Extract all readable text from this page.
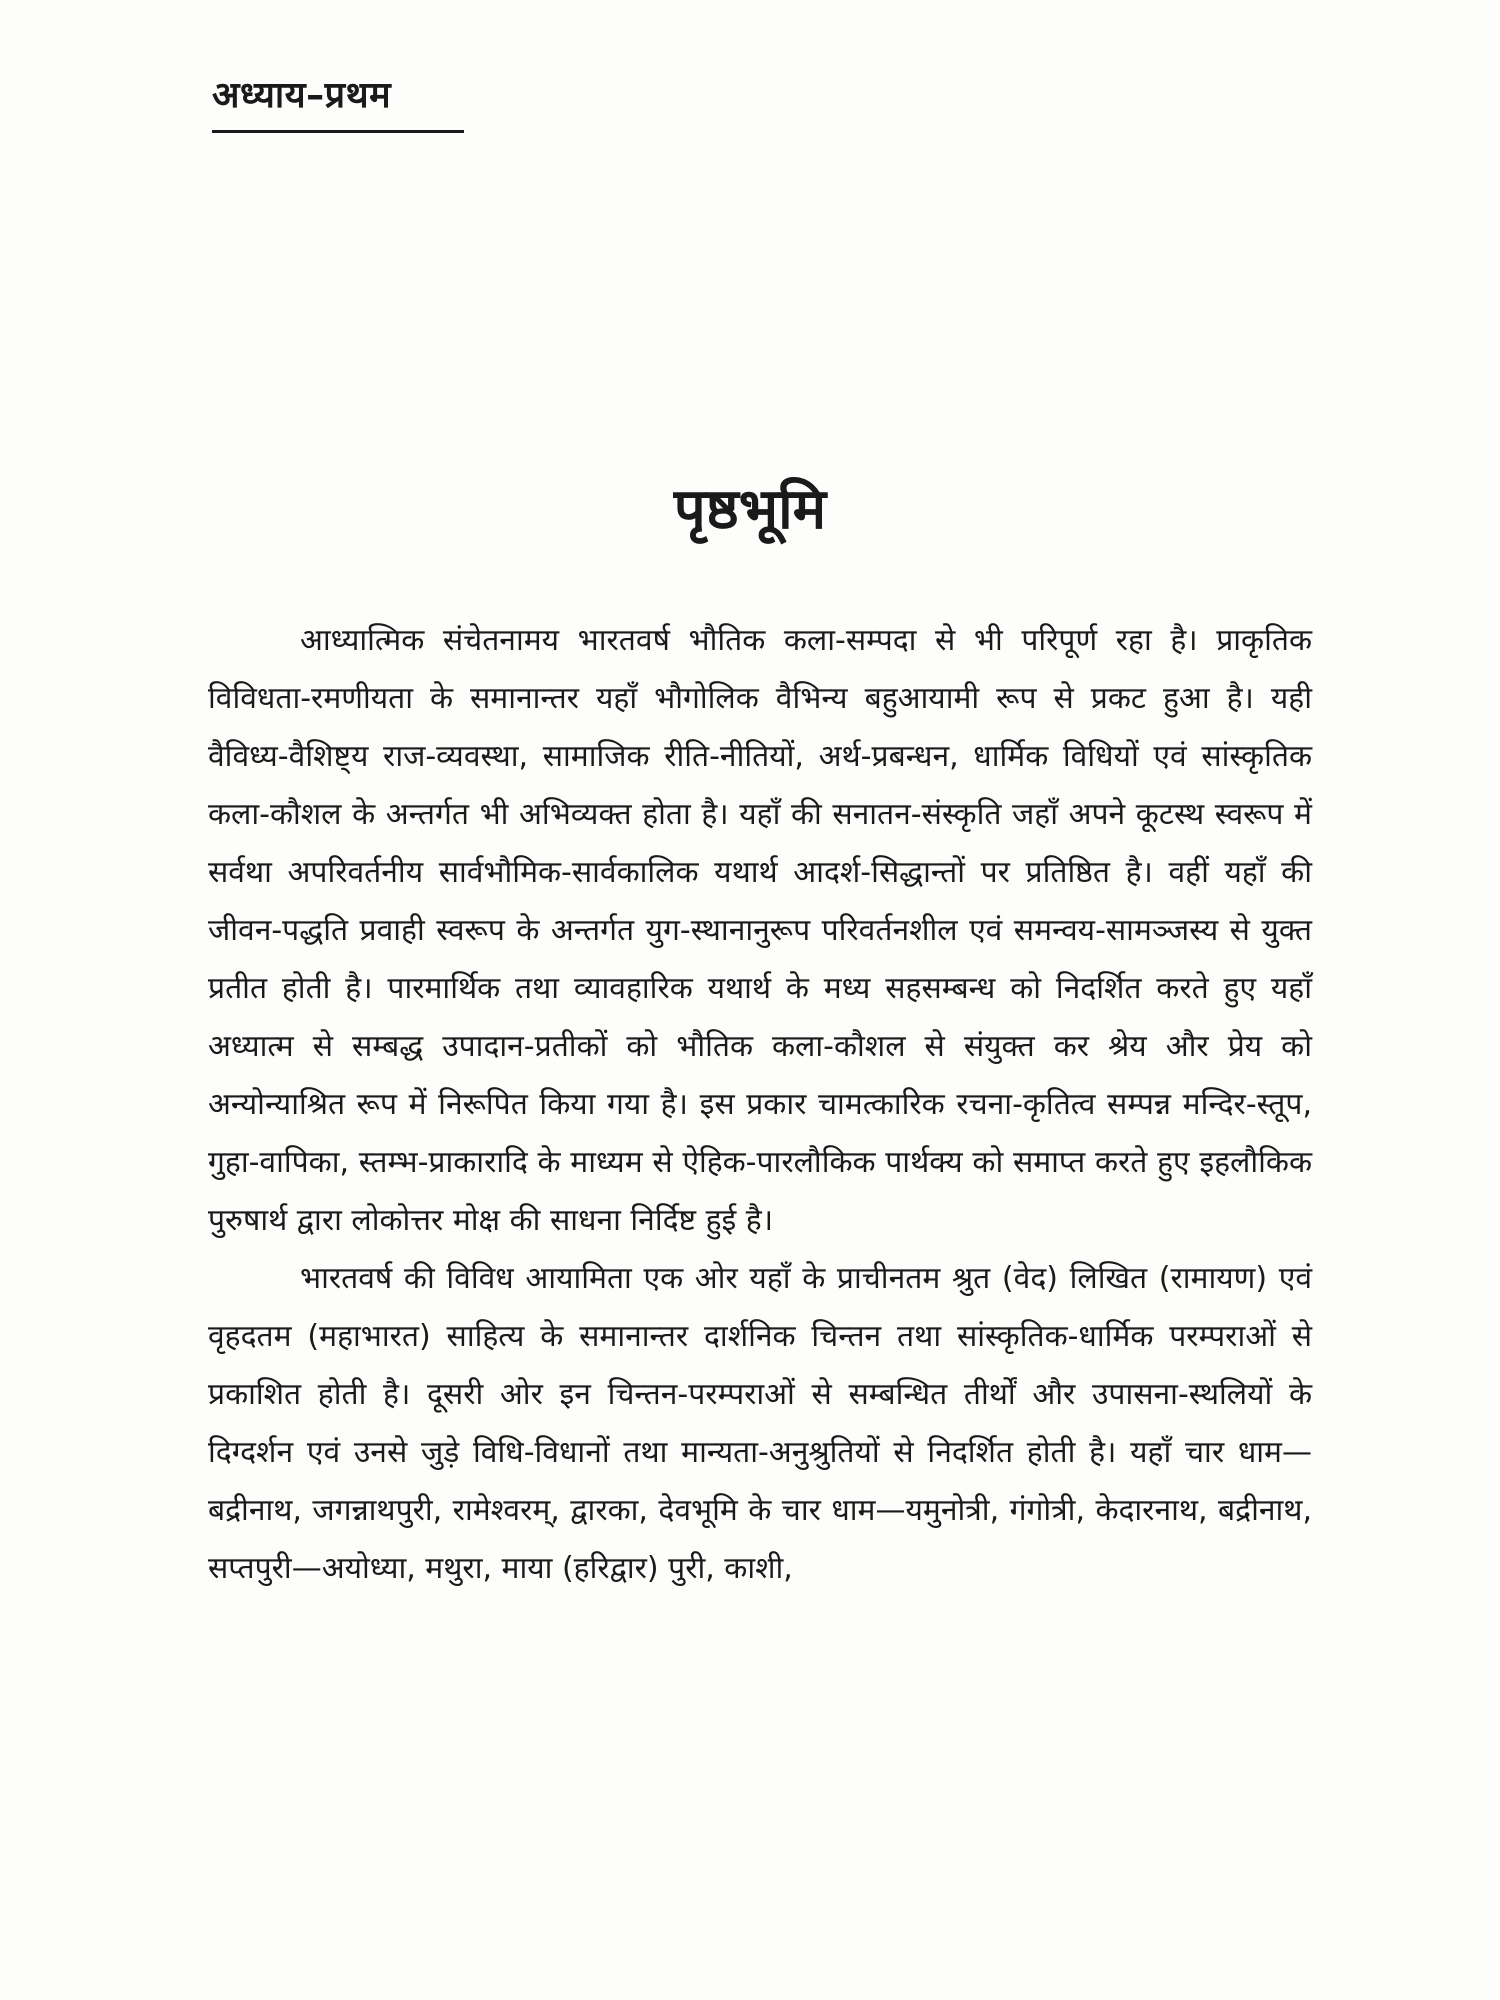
अध्याय–प्रथम
पृष्ठभूमि

आध्यात्मिक संचेतनामय भारतवर्ष भौतिक कला-सम्पदा से भी परिपूर्ण रहा है। प्राकृतिक विविधता-रमणीयता के समानान्तर यहाँ भौगोलिक वैभिन्य बहुआयामी रूप से प्रकट हुआ है। यही वैविध्य-वैशिष्ट्य राज-व्यवस्था, सामाजिक रीति-नीतियों, अर्थ-प्रबन्धन, धार्मिक विधियों एवं सांस्कृतिक कला-कौशल के अन्तर्गत भी अभिव्यक्त होता है। यहाँ की सनातन-संस्कृति जहाँ अपने कूटस्थ स्वरूप में सर्वथा अपरिवर्तनीय सार्वभौमिक-सार्वकालिक यथार्थ आदर्श-सिद्धान्तों पर प्रतिष्ठित है। वहीं यहाँ की जीवन-पद्धति प्रवाही स्वरूप के अन्तर्गत युग-स्थानानुरूप परिवर्तनशील एवं समन्वय-सामञ्जस्य से युक्त प्रतीत होती है। पारमार्थिक तथा व्यावहारिक यथार्थ के मध्य सहसम्बन्ध को निदर्शित करते हुए यहाँ अध्यात्म से सम्बद्ध उपादान-प्रतीकों को भौतिक कला-कौशल से संयुक्त कर श्रेय और प्रेय को अन्योन्याश्रित रूप में निरूपित किया गया है। इस प्रकार चामत्कारिक रचना-कृतित्व सम्पन्न मन्दिर-स्तूप, गुहा-वापिका, स्तम्भ-प्राकारादि के माध्यम से ऐहिक-पारलौकिक पार्थक्य को समाप्त करते हुए इहलौकिक पुरुषार्थ द्वारा लोकोत्तर मोक्ष की साधना निर्दिष्ट हुई है।

भारतवर्ष की विविध आयामिता एक ओर यहाँ के प्राचीनतम श्रुत (वेद) लिखित (रामायण) एवं वृहदतम (महाभारत) साहित्य के समानान्तर दार्शनिक चिन्तन तथा सांस्कृतिक-धार्मिक परम्पराओं से प्रकाशित होती है। दूसरी ओर इन चिन्तन-परम्पराओं से सम्बन्धित तीर्थों और उपासना-स्थलियों के दिग्दर्शन एवं उनसे जुड़े विधि-विधानों तथा मान्यता-अनुश्रुतियों से निदर्शित होती है। यहाँ चार धाम—बद्रीनाथ, जगन्नाथपुरी, रामेश्वरम्, द्वारका, देवभूमि के चार धाम—यमुनोत्री, गंगोत्री, केदारनाथ, बद्रीनाथ, सप्तपुरी—अयोध्या, मथुरा, माया (हरिद्वार) पुरी, काशी,
